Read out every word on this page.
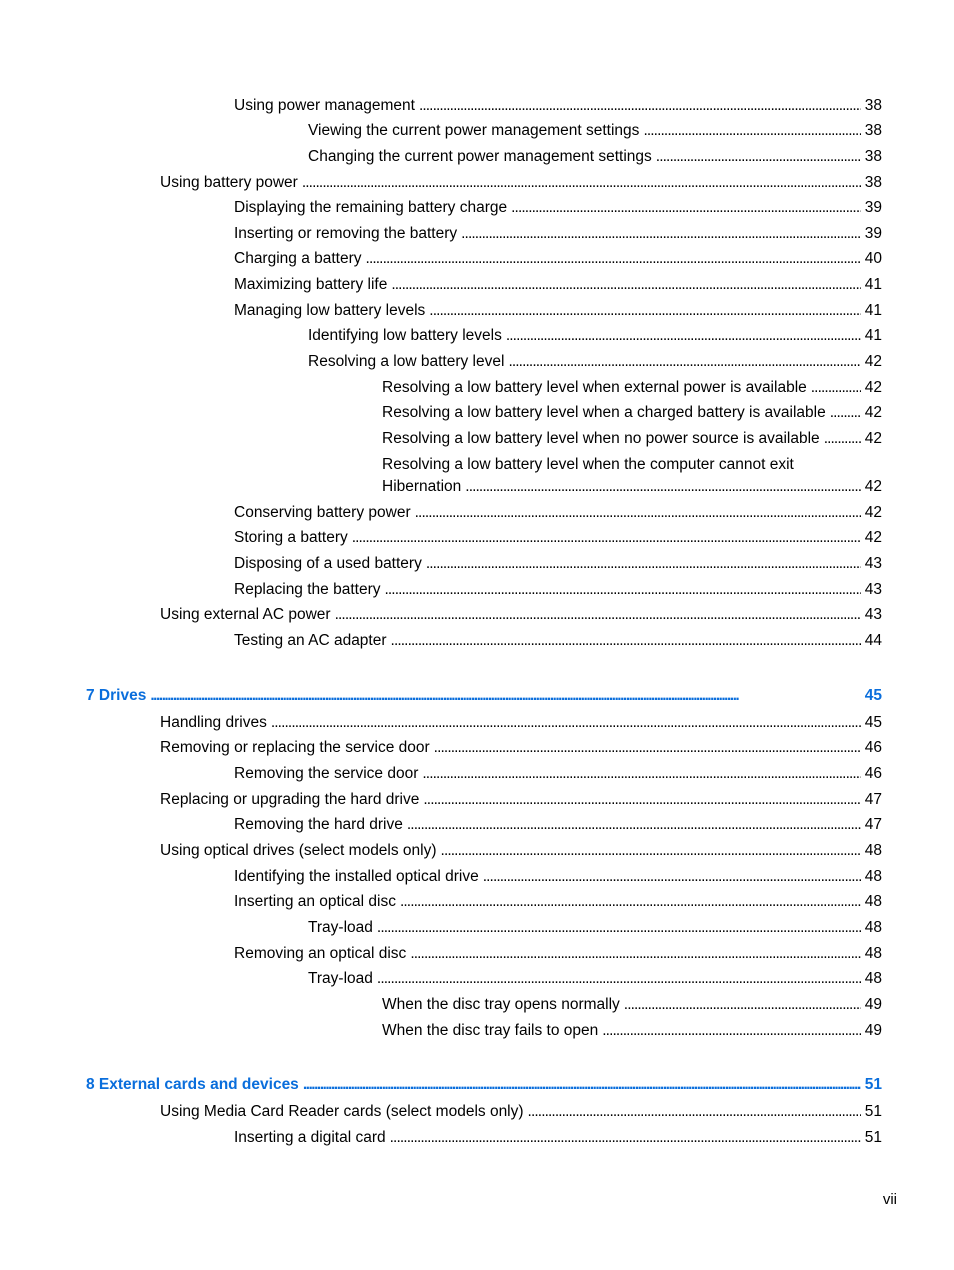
Using power management . . .	38
Viewing the current power management settings . . .	38
Changing the current power management settings . . .	38
Using battery power . . .	38
Displaying the remaining battery charge . . .	39
Inserting or removing the battery . . .	39
Charging a battery . . .	40
Maximizing battery life . . .	41
Managing low battery levels . . .	41
Identifying low battery levels . . .	41
Resolving a low battery level . . .	42
Resolving a low battery level when external power is available . . .	42
Resolving a low battery level when a charged battery is available . . .	42
Resolving a low battery level when no power source is available . . .	42
Resolving a low battery level when the computer cannot exit
Hibernation . . .	42
Conserving battery power . . .	42
Storing a battery . . .	42
Disposing of a used battery . . .	43
Replacing the battery . . .	43
Using external AC power . . .	43
Testing an AC adapter . . .	44
7 Drives . . .	45
Handling drives . . .	45
Removing or replacing the service door . . .	46
Removing the service door . . .	46
Replacing or upgrading the hard drive . . .	47
Removing the hard drive . . .	47
Using optical drives (select models only) . . .	48
Identifying the installed optical drive . . .	48
Inserting an optical disc . . .	48
Tray-load . . .	48
Removing an optical disc . . .	48
Tray-load . . .	48
When the disc tray opens normally . . .	49
When the disc tray fails to open . . .	49
8 External cards and devices . . .	51
Using Media Card Reader cards (select models only) . . .	51
Inserting a digital card . . .	51
vii
